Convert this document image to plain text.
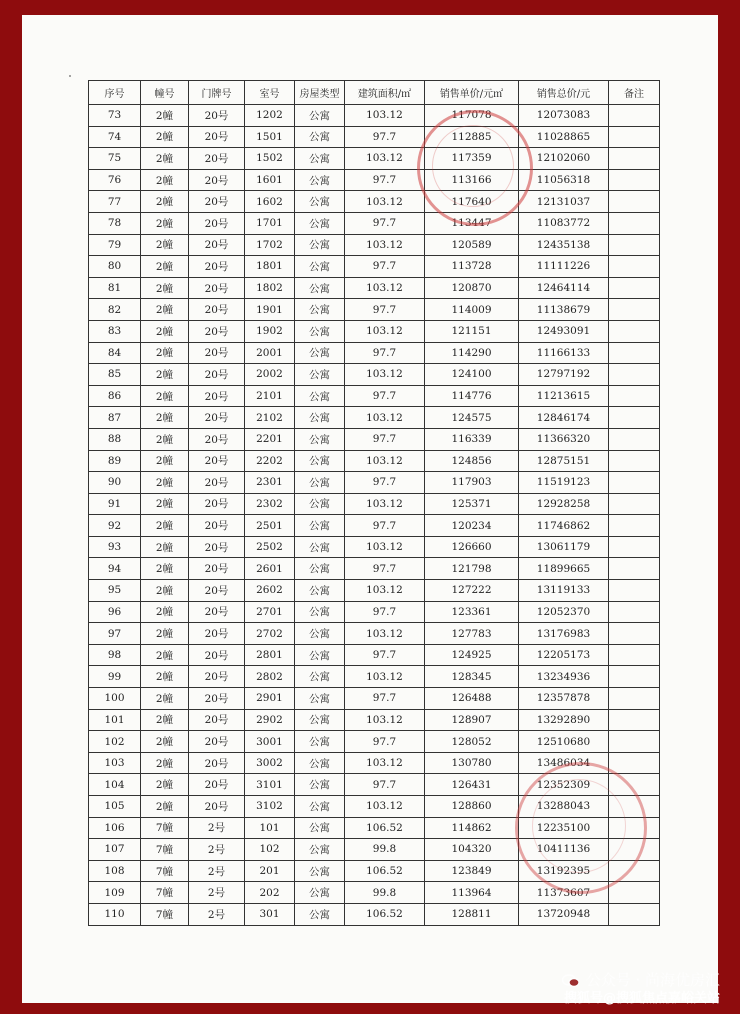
序号	幢号	门牌号	室号	房屋类型	建筑面积/㎡	销售单价/元㎡	销售总价/元	备注
73	2幢	20号	1202	公寓	103.12	117078	12073083	
74	2幢	20号	1501	公寓	97.7	112885	11028865	
75	2幢	20号	1502	公寓	103.12	117359	12102060	
76	2幢	20号	1601	公寓	97.7	113166	11056318	
77	2幢	20号	1602	公寓	103.12	117640	12131037	
78	2幢	20号	1701	公寓	97.7	113447	11083772	
79	2幢	20号	1702	公寓	103.12	120589	12435138	
80	2幢	20号	1801	公寓	97.7	113728	11111226	
81	2幢	20号	1802	公寓	103.12	120870	12464114	
82	2幢	20号	1901	公寓	97.7	114009	11138679	
83	2幢	20号	1902	公寓	103.12	121151	12493091	
84	2幢	20号	2001	公寓	97.7	114290	11166133	
85	2幢	20号	2002	公寓	103.12	124100	12797192	
86	2幢	20号	2101	公寓	97.7	114776	11213615	
87	2幢	20号	2102	公寓	103.12	124575	12846174	
88	2幢	20号	2201	公寓	97.7	116339	11366320	
89	2幢	20号	2202	公寓	103.12	124856	12875151	
90	2幢	20号	2301	公寓	97.7	117903	11519123	
91	2幢	20号	2302	公寓	103.12	125371	12928258	
92	2幢	20号	2501	公寓	97.7	120234	11746862	
93	2幢	20号	2502	公寓	103.12	126660	13061179	
94	2幢	20号	2601	公寓	97.7	121798	11899665	
95	2幢	20号	2602	公寓	103.12	127222	13119133	
96	2幢	20号	2701	公寓	97.7	123361	12052370	
97	2幢	20号	2702	公寓	103.12	127783	13176983	
98	2幢	20号	2801	公寓	97.7	124925	12205173	
99	2幢	20号	2802	公寓	103.12	128345	13234936	
100	2幢	20号	2901	公寓	97.7	126488	12357878	
101	2幢	20号	2902	公寓	103.12	128907	13292890	
102	2幢	20号	3001	公寓	97.7	128052	12510680	
103	2幢	20号	3002	公寓	103.12	130780	13486034	
104	2幢	20号	3101	公寓	97.7	126431	12352309	
105	2幢	20号	3102	公寓	103.12	128860	13288043	
106	7幢	2号	101	公寓	106.52	114862	12235100	
107	7幢	2号	102	公寓	99.8	104320	10411136	
108	7幢	2号	201	公寓	106.52	123849	13192395	
109	7幢	2号	202	公寓	99.8	113964	11373607	
110	7幢	2号	301	公寓	106.52	128811	13720948	
公众号 · 尚海优房汇
搜狐号@搜狐焦点嘉峪关站
